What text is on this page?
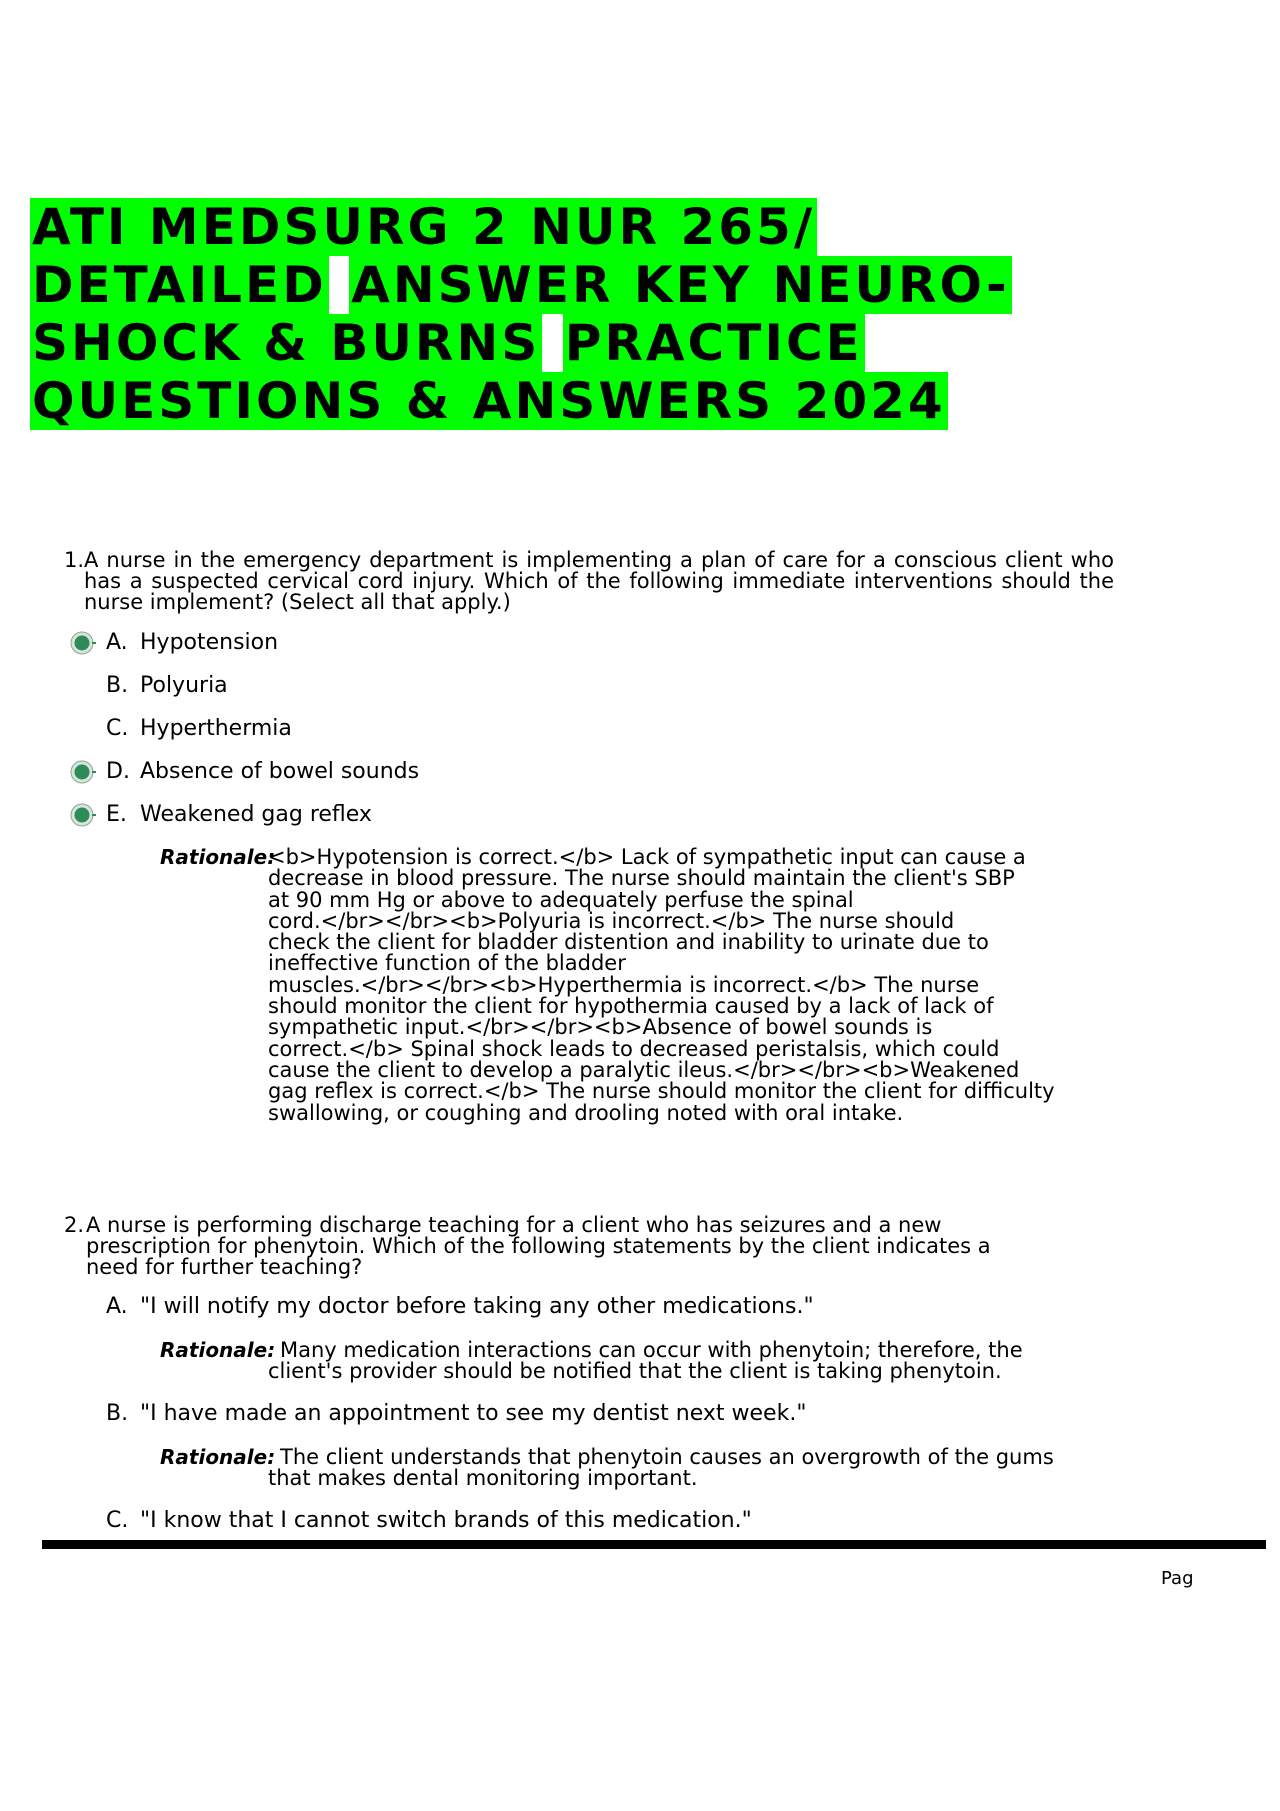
ATI MEDSURG 2 NUR 265/
DETAILED ANSWER KEY NEURO-
SHOCK & BURNS PRACTICE
QUESTIONS & ANSWERS 2024
1. A nurse in the emergency department is implementing a plan of care for a conscious client who has a suspected cervical cord injury. Which of the following immediate interventions should the nurse implement? (Select all that apply.)
A. Hypotension
B. Polyuria
C. Hyperthermia
D. Absence of bowel sounds
E. Weakened gag reflex
Rationale:
<b>Hypotension is correct.</b> Lack of sympathetic input can cause a
decrease in blood pressure. The nurse should maintain the client's SBP
at 90 mm Hg or above to adequately perfuse the spinal
cord.</br></br><b>Polyuria is incorrect.</b> The nurse should
check the client for bladder distention and inability to urinate due to
ineffective function of the bladder
muscles.</br></br><b>Hyperthermia is incorrect.</b> The nurse
should monitor the client for hypothermia caused by a lack of lack of
sympathetic input.</br></br><b>Absence of bowel sounds is
correct.</b> Spinal shock leads to decreased peristalsis, which could
cause the client to develop a paralytic ileus.</br></br><b>Weakened
gag reflex is correct.</b> The nurse should monitor the client for difficulty
swallowing, or coughing and drooling noted with oral intake.
2. A nurse is performing discharge teaching for a client who has seizures and a new
prescription for phenytoin. Which of the following statements by the client indicates a
need for further teaching?
A. "I will notify my doctor before taking any other medications."
Rationale: Many medication interactions can occur with phenytoin; therefore, the
client's provider should be notified that the client is taking phenytoin.
B. "I have made an appointment to see my dentist next week."
Rationale: The client understands that phenytoin causes an overgrowth of the gums
that makes dental monitoring important.
C. "I know that I cannot switch brands of this medication."
Pag
